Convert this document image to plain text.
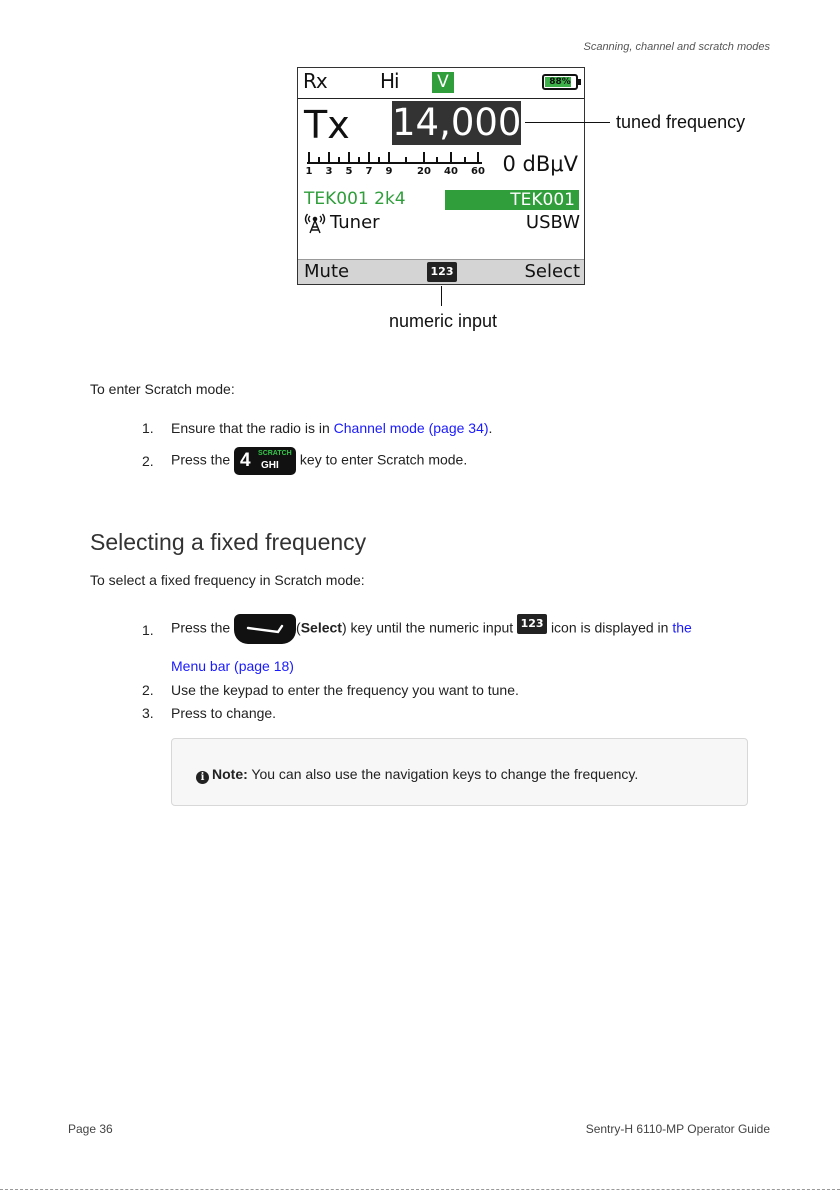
Scanning, channel and scratch modes
Rx	Hi	V	88%
Tx 14,000
1 3 5 7 9 20 40 60 0 dBμV
TEK001 2k4	TEK001
Tuner	USBW
Mute	123	Select
tuned frequency
numeric input
To enter Scratch mode:
1. Ensure that the radio is in Channel mode (page 34).
2. Press the 4 SCRATCH
GHI key to enter Scratch mode.
Selecting a fixed frequency
To select a fixed frequency in Scratch mode:
1. Press the	(Select) key until the numeric input 123 icon is displayed in the
Menu bar (page 18)
2. Use the keypad to enter the frequency you want to tune.
3. Press to change.
i Note: You can also use the navigation keys to change the frequency.
Page 36	Sentry-H 6110-MP Operator Guide
